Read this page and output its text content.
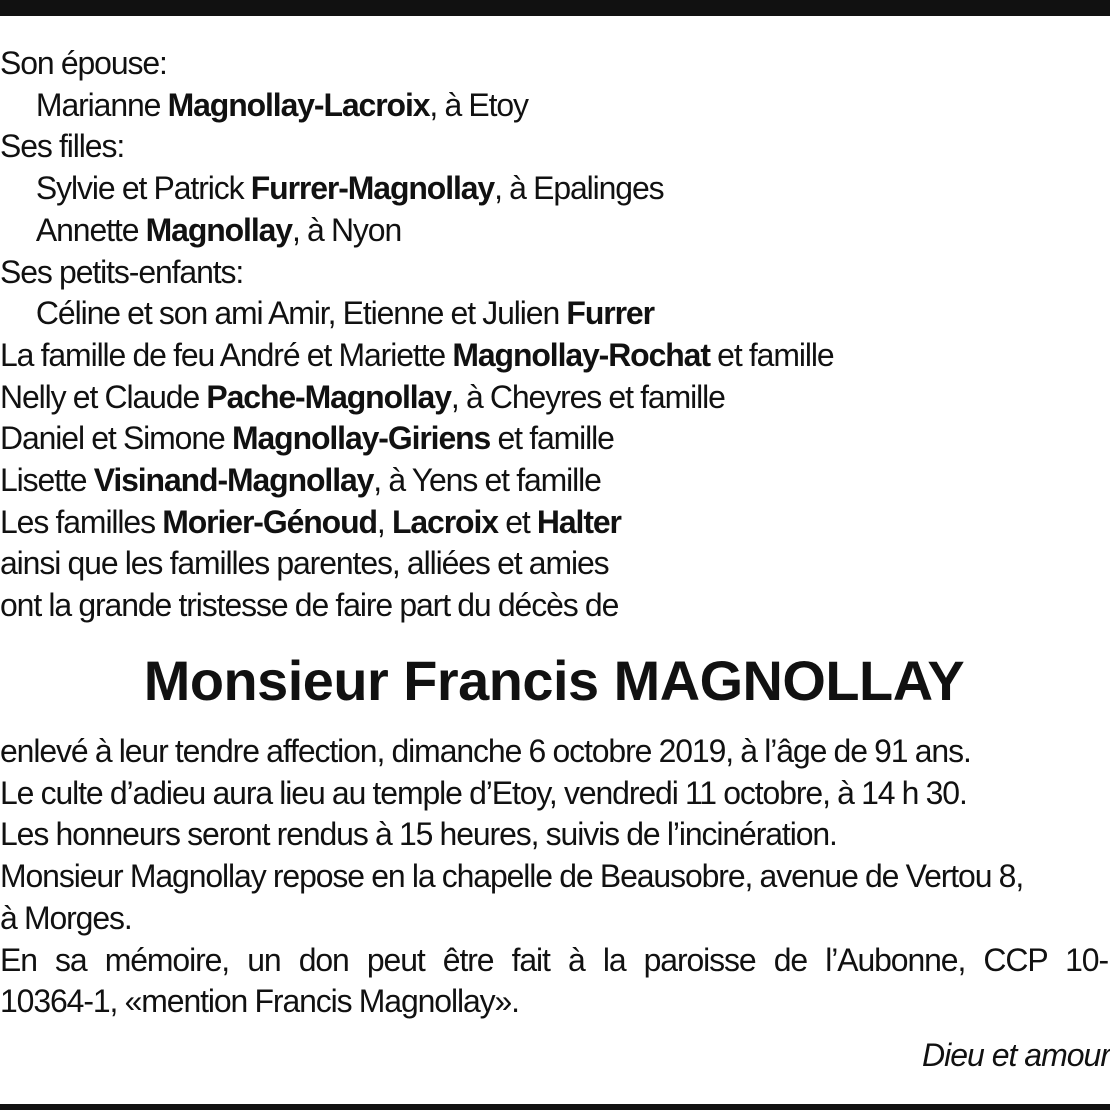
Son épouse:
Marianne Magnollay-Lacroix, à Etoy
Ses filles:
Sylvie et Patrick Furrer-Magnollay, à Epalinges
Annette Magnollay, à Nyon
Ses petits-enfants:
Céline et son ami Amir, Etienne et Julien Furrer
La famille de feu André et Mariette Magnollay-Rochat et famille
Nelly et Claude Pache-Magnollay, à Cheyres et famille
Daniel et Simone Magnollay-Giriens et famille
Lisette Visinand-Magnollay, à Yens et famille
Les familles Morier-Génoud, Lacroix et Halter
ainsi que les familles parentes, alliées et amies
ont la grande tristesse de faire part du décès de
Monsieur Francis MAGNOLLAY
enlevé à leur tendre affection, dimanche 6 octobre 2019, à l’âge de 91 ans.
Le culte d’adieu aura lieu au temple d’Etoy, vendredi 11 octobre, à 14 h 30.
Les honneurs seront rendus à 15 heures, suivis de l’incinération.
Monsieur Magnollay repose en la chapelle de Beausobre, avenue de Vertou 8,
à Morges.
En sa mémoire, un don peut être fait à la paroisse de l’Aubonne, CCP 10-
10364-1, «mention Francis Magnollay».
Dieu et amour
